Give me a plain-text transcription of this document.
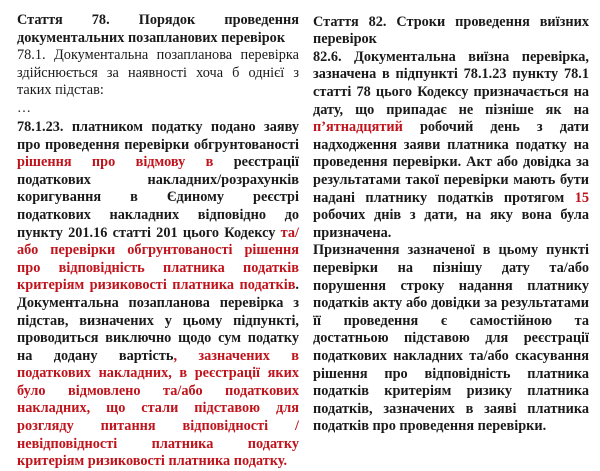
Стаття 78. Порядок проведення документальних позапланових перевірок

78.1. Документальна позапланова перевірка здійснюється за наявності хоча б однієї з таких підстав:

…

78.1.23. платником податку подано заяву про проведення перевірки обгрунтованості рішення про відмову в реєстрації податкових накладних/розрахунків коригування в Єдиному реєстрі податкових накладних відповідно до пункту 201.16 статті 201 цього Кодексу та/або перевірки обгрунтованості рішення про відповідність платника податків критеріям ризиковості платника податків. Документальна позапланова перевірка з підстав, визначених у цьому підпункті, проводиться виключно щодо сум податку на додану вартість, зазначених в податкових накладних, в реєстрації яких було відмовлено та/або податкових накладних, що стали підставою для розгляду питання відповідності / невідповідності платника податку критеріям ризиковості платника податку.

Стаття 82. Строки проведення виїзних перевірок

82.6. Документальна виїзна перевірка, зазначена в підпункті 78.1.23 пункту 78.1 статті 78 цього Кодексу призначається на дату, що припадає не пізніше як на п’ятнадцятий робочий день з дати надходження заяви платника податку на проведення перевірки. Акт або довідка за результатами такої перевірки мають бути надані платнику податків протягом 15 робочих днів з дати, на яку вона була призначена.

Призначення зазначеної в цьому пункті перевірки на пізнішу дату та/або порушення строку надання платнику податків акту або довідки за результатами її проведення є самостійною та достатньою підставою для реєстрації податкових накладних та/або скасування рішення про відповідність платника податків критеріям ризику платника податків, зазначених в заяві платника податків про проведення перевірки.
